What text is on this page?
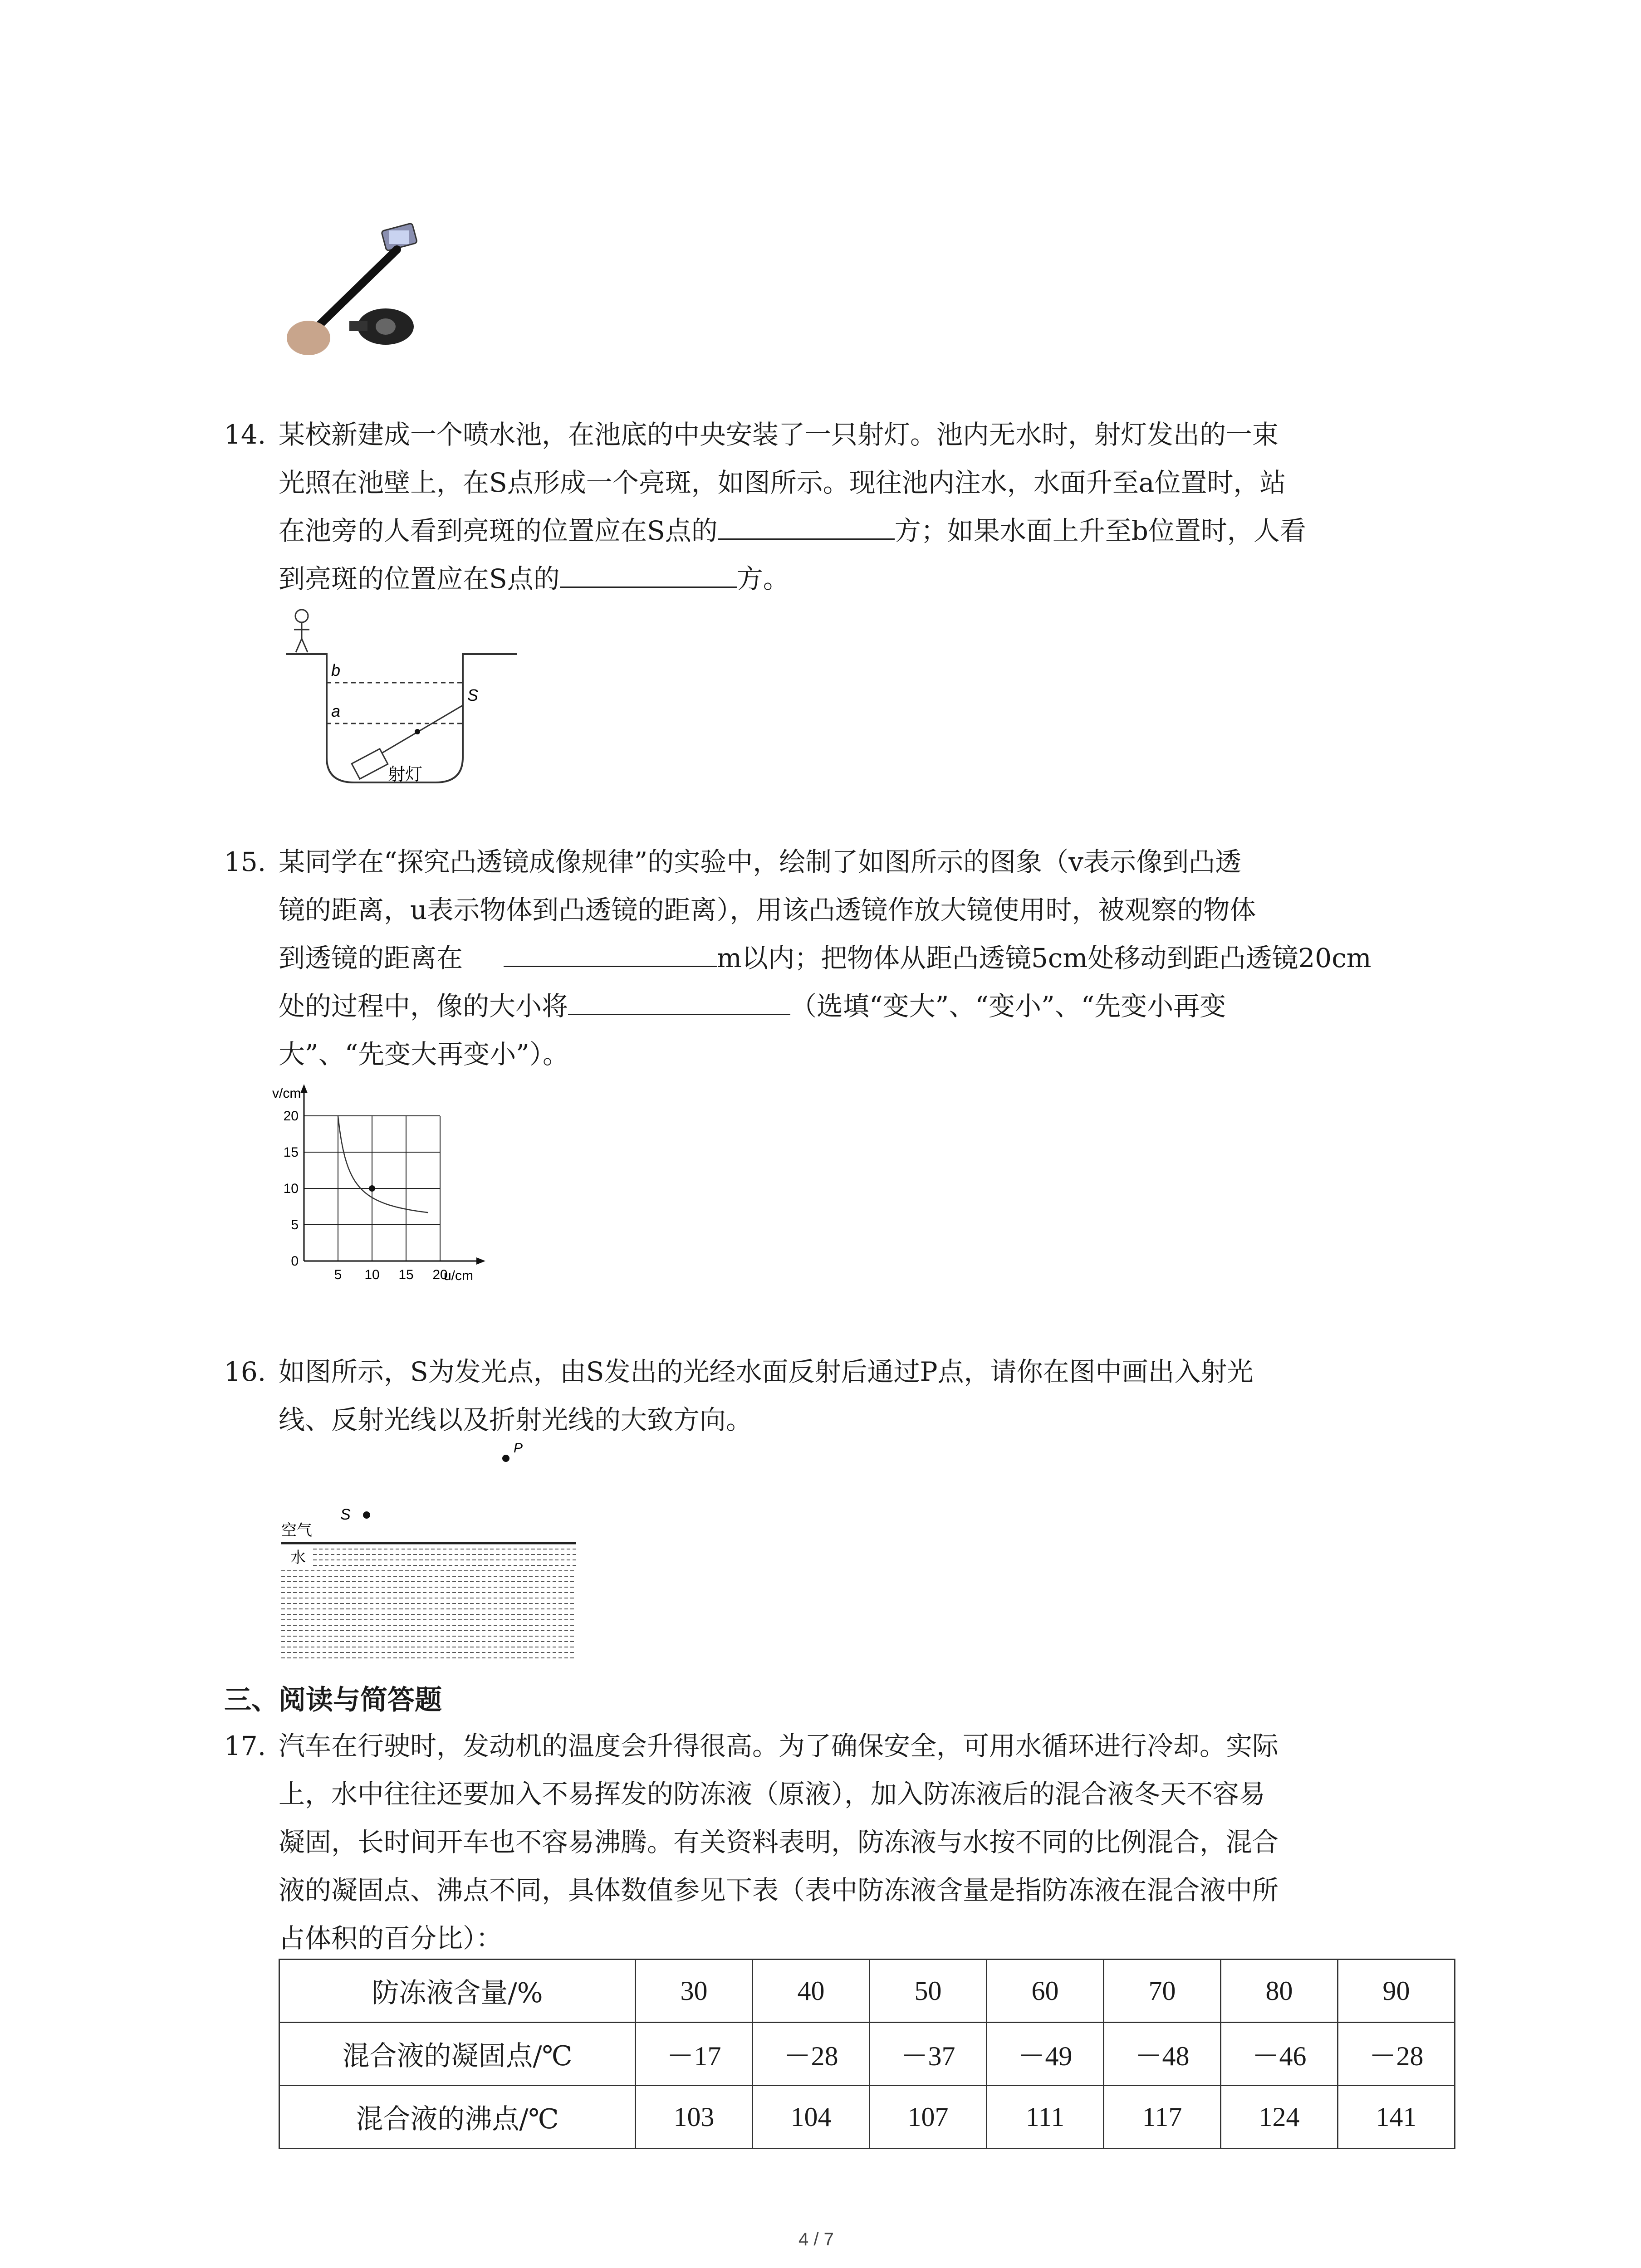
14. 某校新建成一个喷水池，在池底的中央安装了一只射灯。池内无水时，射灯发出的一束
光照在池壁上，在S点形成一个亮斑，如图所示。现往池内注水，水面升至a位置时，站
在池旁的人看到亮斑的位置应在S点的	方；如果水面上升至b位置时，人看
到亮斑的位置应在S点的	方。
b
a
S
射灯
15. 某同学在“探究凸透镜成像规律”的实验中，绘制了如图所示的图象（v表示像到凸透
镜的距离，u表示物体到凸透镜的距离），用该凸透镜作放大镜使用时，被观察的物体
到透镜的距离在	m以内；把物体从距凸透镜5cm处移动到距凸透镜20cm
处的过程中，像的大小将	（选填“变大”、“变小”、“先变小再变
大”、“先变大再变小”）。
5 10 15 20
0
5
10
15
20
u/cm
v/cm
16. 如图所示，S为发光点，由S发出的光经水面反射后通过P点，请你在图中画出入射光
线、反射光线以及折射光线的大致方向。
P
S
空气
水
三、阅读与简答题
17. 汽车在行驶时，发动机的温度会升得很高。为了确保安全，可用水循环进行冷却。实际
上，水中往往还要加入不易挥发的防冻液（原液），加入防冻液后的混合液冬天不容易
凝固，长时间开车也不容易沸腾。有关资料表明，防冻液与水按不同的比例混合，混合
液的凝固点、沸点不同，具体数值参见下表（表中防冻液含量是指防冻液在混合液中所
占体积的百分比）：
防冻液含量/%	30	40	50	60	70	80	90
混合液的凝固点/℃	－17	－28	－37	－49	－48	－46	－28
混合液的沸点/℃	103	104	107	111	117	124	141
4 / 7
